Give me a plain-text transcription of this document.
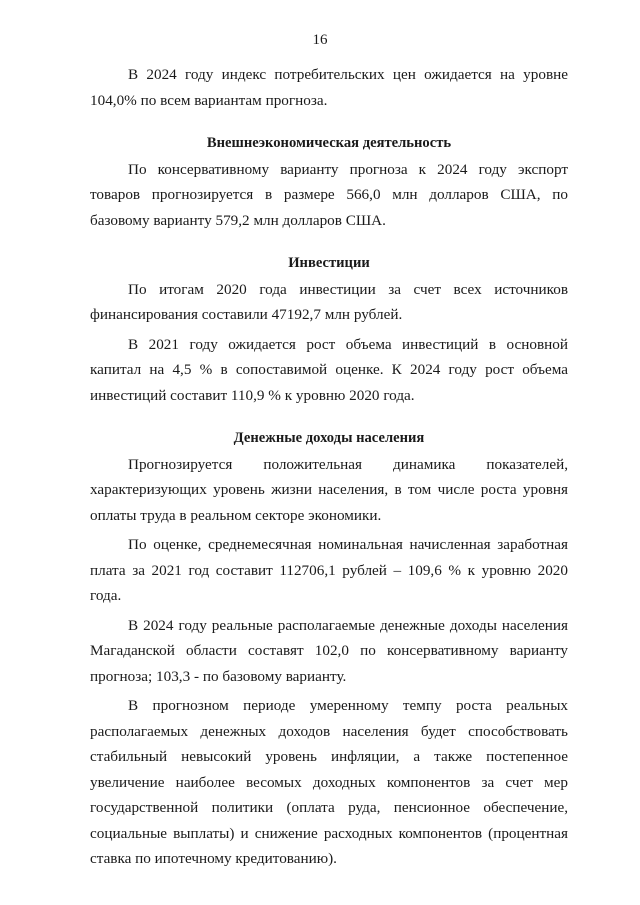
16

В 2024 году индекс потребительских цен ожидается на уровне 104,0% по всем вариантам прогноза.

Внешнеэкономическая деятельность

По консервативному варианту прогноза к 2024 году экспорт товаров прогнозируется в размере 566,0 млн долларов США, по базовому варианту 579,2 млн долларов США.

Инвестиции

По итогам 2020 года инвестиции за счет всех источников финансирования составили 47192,7 млн рублей.

В 2021 году ожидается рост объема инвестиций в основной капитал на 4,5 % в сопоставимой оценке. К 2024 году рост объема инвестиций составит 110,9 % к уровню 2020 года.

Денежные доходы населения

Прогнозируется положительная динамика показателей, характеризующих уровень жизни населения, в том числе роста уровня оплаты труда в реальном секторе экономики.

По оценке, среднемесячная номинальная начисленная заработная плата за 2021 год составит 112706,1 рублей – 109,6 % к уровню 2020 года.

В 2024 году реальные располагаемые денежные доходы населения Магаданской области составят 102,0 по консервативному варианту прогноза; 103,3 - по базовому варианту.

В прогнозном периоде умеренному темпу роста реальных располагаемых денежных доходов населения будет способствовать стабильный невысокий уровень инфляции, а также постепенное увеличение наиболее весомых доходных компонентов за счет мер государственной политики (оплата руда, пенсионное обеспечение, социальные выплаты) и снижение расходных компонентов (процентная ставка по ипотечному кредитованию).
